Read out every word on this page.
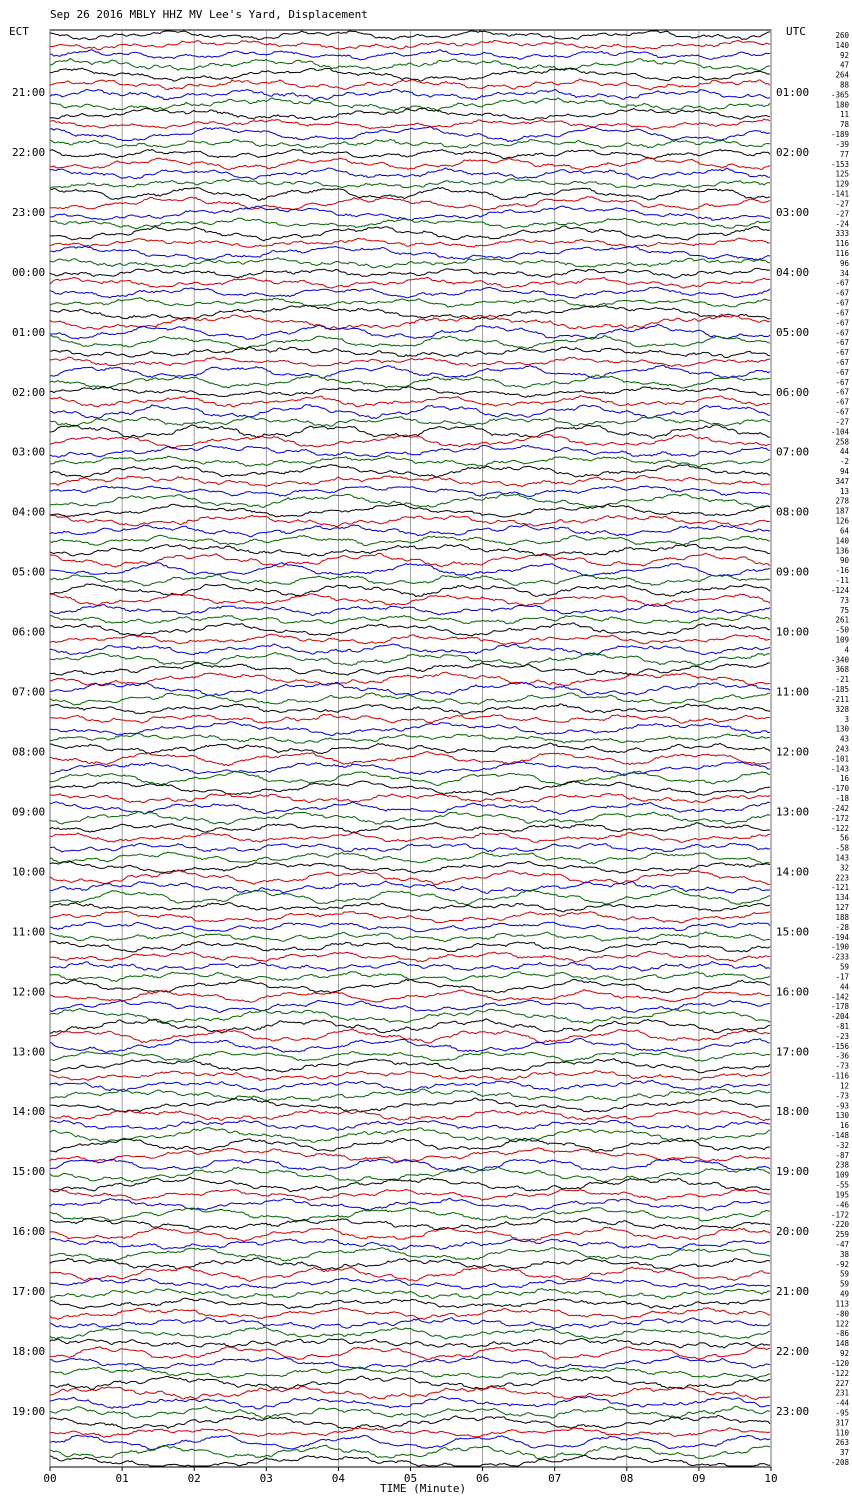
Sep 26 2016 MBLY HHZ MV Lee's Yard, Displacement
ECT	UTC
TIME (Minute)
00	01	02	03	04	05	06	07	08	09	10
260
140
92
47
264
88
-365
180
11
78
-189
-39
77
-153
125
129
-141
-27
-27
-24
333
116
116
96
34
-67
-67
-67
-67
-67
-67
-67
-67
-67
-67
-67
-67
-67
-67
-27
-104
258
44
-2
94
347
13
278
187
126
64
140
136
90
-16
-11
-124
73
75
261
-50
109
4
-340
368
-21
-185
-211
328
3
130
43
243
-101
-143
16
-170
-18
-242
-172
-122
56
-58
143
32
223
-121
134
127
188
-28
-194
-190
-233
59
-17
44
-142
-178
-204
-81
-23
-156
-36
-73
-116
12
-73
-93
130
16
-148
-32
-87
238
109
-55
195
-46
-172
-220
259
-47
38
-92
59
59
49
113
-80
122
-86
148
92
-120
-122
227
231
-44
-95
317
110
263
37
-208
21:00	01:00
22:00	02:00
23:00	03:00
00:00	04:00
01:00	05:00
02:00	06:00
03:00	07:00
04:00	08:00
05:00	09:00
06:00	10:00
07:00	11:00
08:00	12:00
09:00	13:00
10:00	14:00
11:00	15:00
12:00	16:00
13:00	17:00
14:00	18:00
15:00	19:00
16:00	20:00
17:00	21:00
18:00	22:00
19:00	23:00
